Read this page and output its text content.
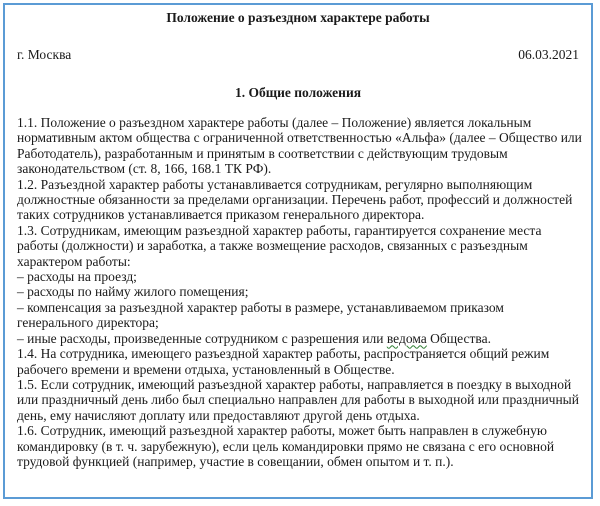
Положение о разъездном характере работы
г. Москва	06.03.2021
1. Общие положения

1.1. Положение о разъездном характере работы (далее – Положение) является локальным нормативным актом общества с ограниченной ответственностью «Альфа» (далее – Общество или Работодатель), разработанным и принятым в соответствии с действующим трудовым законодательством (ст. 8, 166, 168.1 ТК РФ).

1.2. Разъездной характер работы устанавливается сотрудникам, регулярно выполняющим должностные обязанности за пределами организации. Перечень работ, профессий и должностей таких сотрудников устанавливается приказом генерального директора.

1.3. Сотрудникам, имеющим разъездной характер работы, гарантируется сохранение места работы (должности) и заработка, а также возмещение расходов, связанных с разъездным характером работы:

– расходы на проезд;

– расходы по найму жилого помещения;

– компенсация за разъездной характер работы в размере, устанавливаемом приказом генерального директора;

– иные расходы, произведенные сотрудником с разрешения или ведома Общества.

1.4. На сотрудника, имеющего разъездной характер работы, распространяется общий режим рабочего времени и времени отдыха, установленный в Обществе.

1.5. Если сотрудник, имеющий разъездной характер работы, направляется в поездку в выходной или праздничный день либо был специально направлен для работы в выходной или праздничный день, ему начисляют доплату или предоставляют другой день отдыха.

1.6. Сотрудник, имеющий разъездной характер работы, может быть направлен в служебную командировку (в т. ч. зарубежную), если цель командировки прямо не связана с его основной трудовой функцией (например, участие в совещании, обмен опытом и т. п.).
